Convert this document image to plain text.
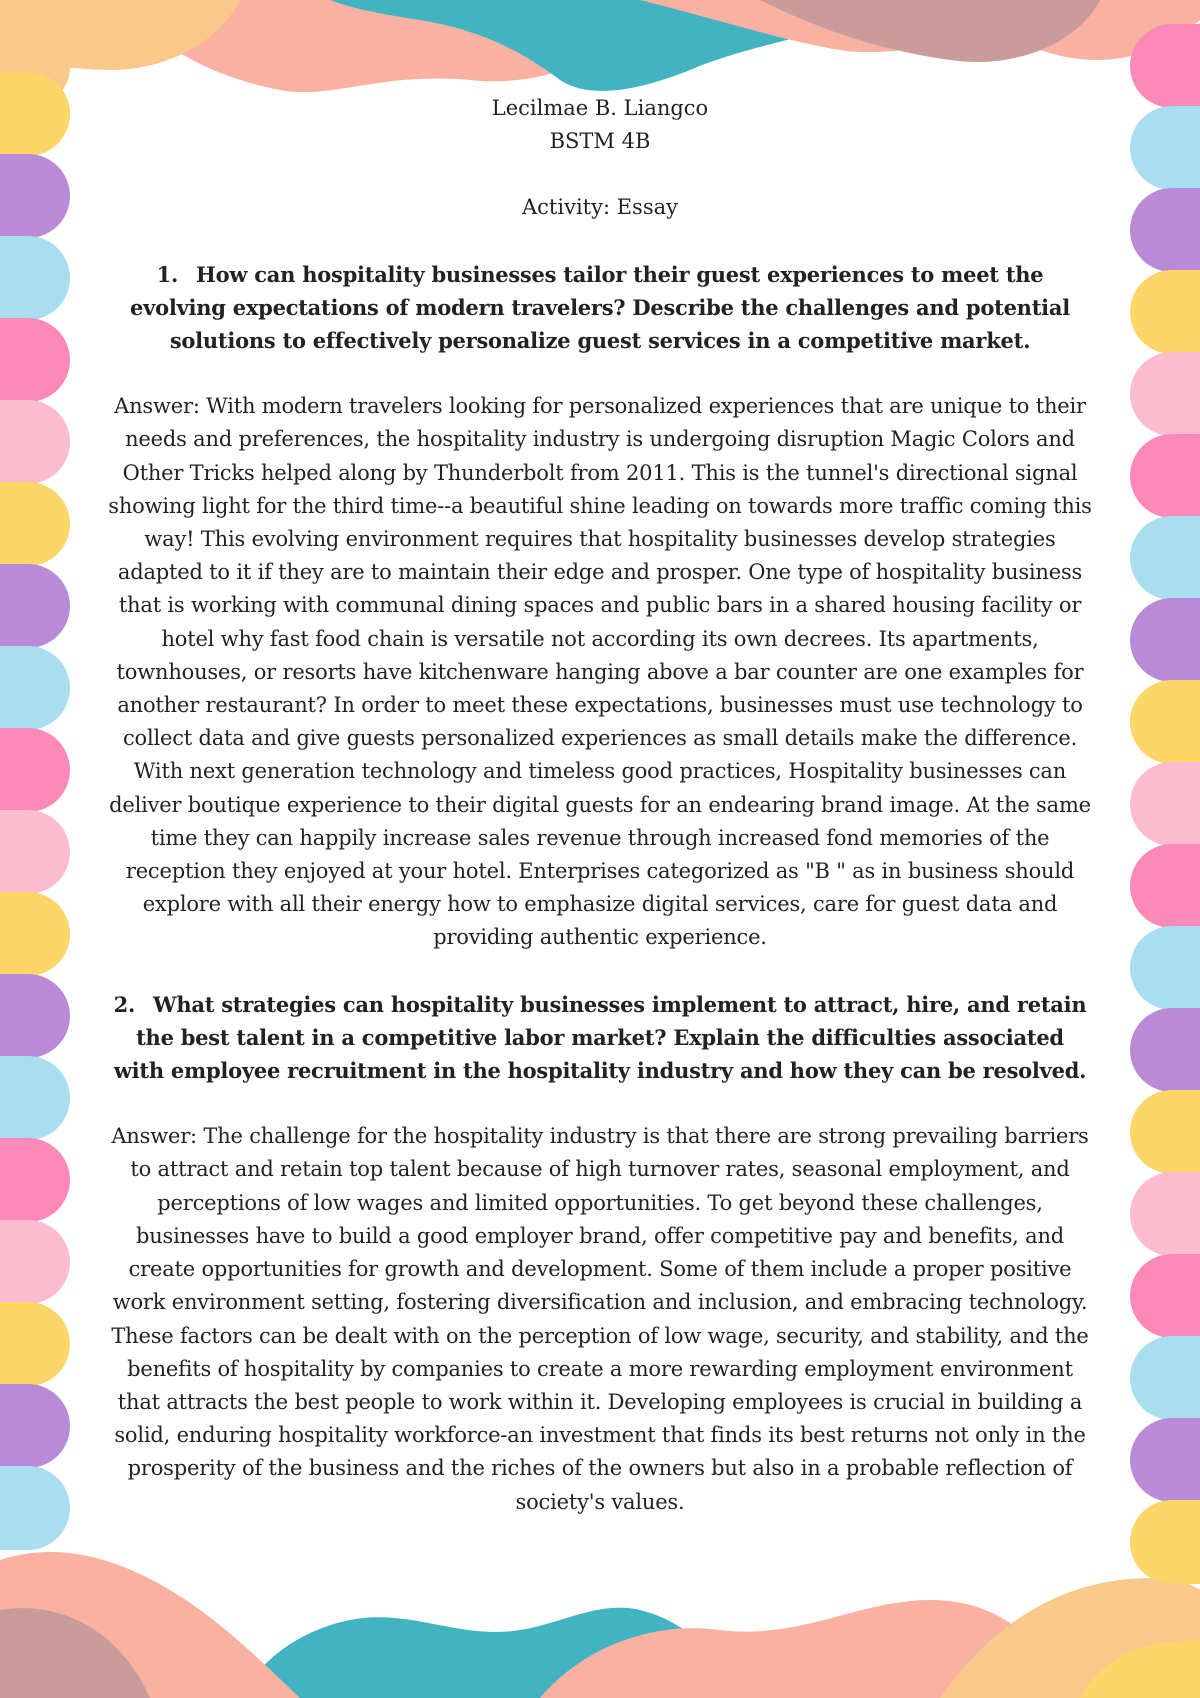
Lecilmae B. Liangco

BSTM 4B

Activity: Essay

1. How can hospitality businesses tailor their guest experiences to meet the evolving expectations of modern travelers? Describe the challenges and potential solutions to effectively personalize guest services in a competitive market.

Answer: With modern travelers looking for personalized experiences that are unique to their needs and preferences, the hospitality industry is undergoing disruption Magic Colors and Other Tricks helped along by Thunderbolt from 2011. This is the tunnel's directional signal showing light for the third time--a beautiful shine leading on towards more traffic coming this way! This evolving environment requires that hospitality businesses develop strategies adapted to it if they are to maintain their edge and prosper. One type of hospitality business that is working with communal dining spaces and public bars in a shared housing facility or hotel why fast food chain is versatile not according its own decrees. Its apartments, townhouses, or resorts have kitchenware hanging above a bar counter are one examples for another restaurant? In order to meet these expectations, businesses must use technology to collect data and give guests personalized experiences as small details make the difference. With next generation technology and timeless good practices, Hospitality businesses can deliver boutique experience to their digital guests for an endearing brand image. At the same time they can happily increase sales revenue through increased fond memories of the reception they enjoyed at your hotel. Enterprises categorized as "B " as in business should explore with all their energy how to emphasize digital services, care for guest data and providing authentic experience.

2. What strategies can hospitality businesses implement to attract, hire, and retain the best talent in a competitive labor market? Explain the difficulties associated with employee recruitment in the hospitality industry and how they can be resolved.

Answer: The challenge for the hospitality industry is that there are strong prevailing barriers to attract and retain top talent because of high turnover rates, seasonal employment, and perceptions of low wages and limited opportunities. To get beyond these challenges, businesses have to build a good employer brand, offer competitive pay and benefits, and create opportunities for growth and development. Some of them include a proper positive work environment setting, fostering diversification and inclusion, and embracing technology. These factors can be dealt with on the perception of low wage, security, and stability, and the benefits of hospitality by companies to create a more rewarding employment environment that attracts the best people to work within it. Developing employees is crucial in building a solid, enduring hospitality workforce-an investment that finds its best returns not only in the prosperity of the business and the riches of the owners but also in a probable reflection of society's values.
